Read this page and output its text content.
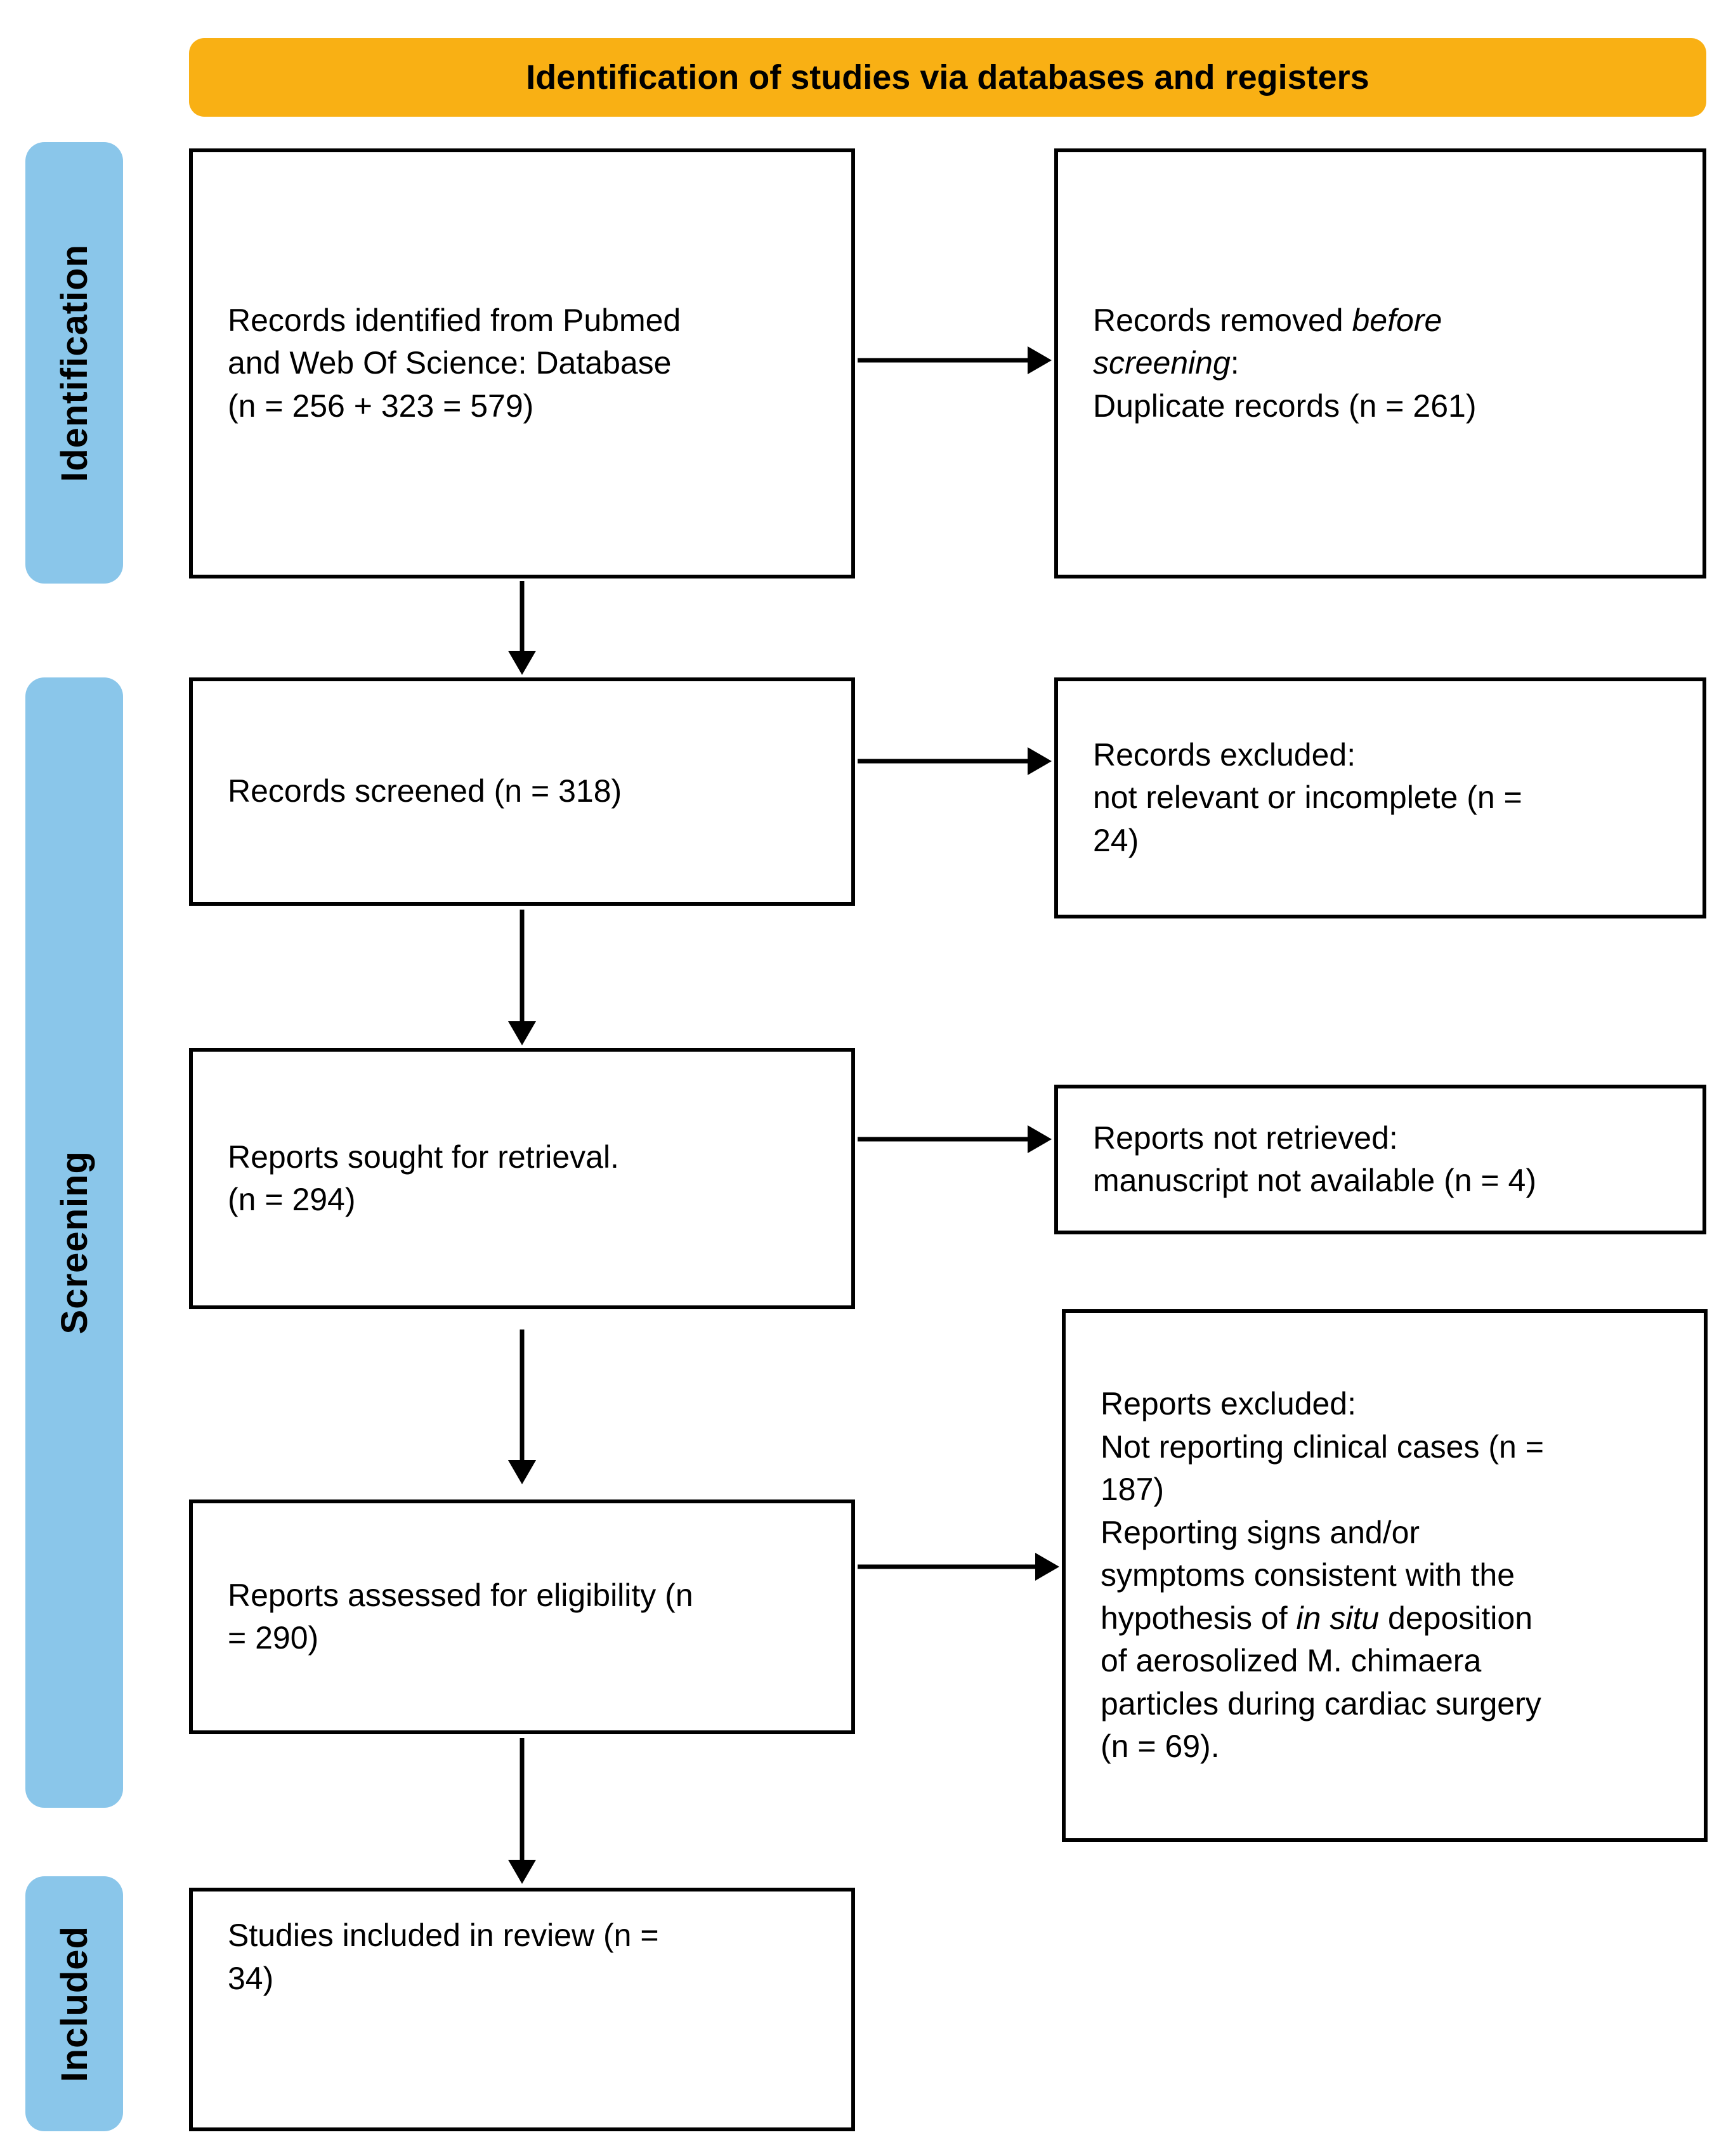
Identification of studies via databases and registers
Identification
Screening
Included
Records identified from Pubmed
and Web Of Science: Database
(n = 256 + 323 = 579)
Records removed before
screening:
Duplicate records (n = 261)
Records screened (n = 318)
Records excluded:
not relevant or incomplete (n =
24)
Reports sought for retrieval.
(n = 294)
Reports not retrieved:
manuscript not available (n = 4)
Reports assessed for eligibility (n
= 290)
Reports excluded:
Not reporting clinical cases (n =
187)
Reporting signs and/or
symptoms consistent with the
hypothesis of in situ deposition
of aerosolized M. chimaera
particles during cardiac surgery
(n = 69).
Studies included in review (n =
34)
